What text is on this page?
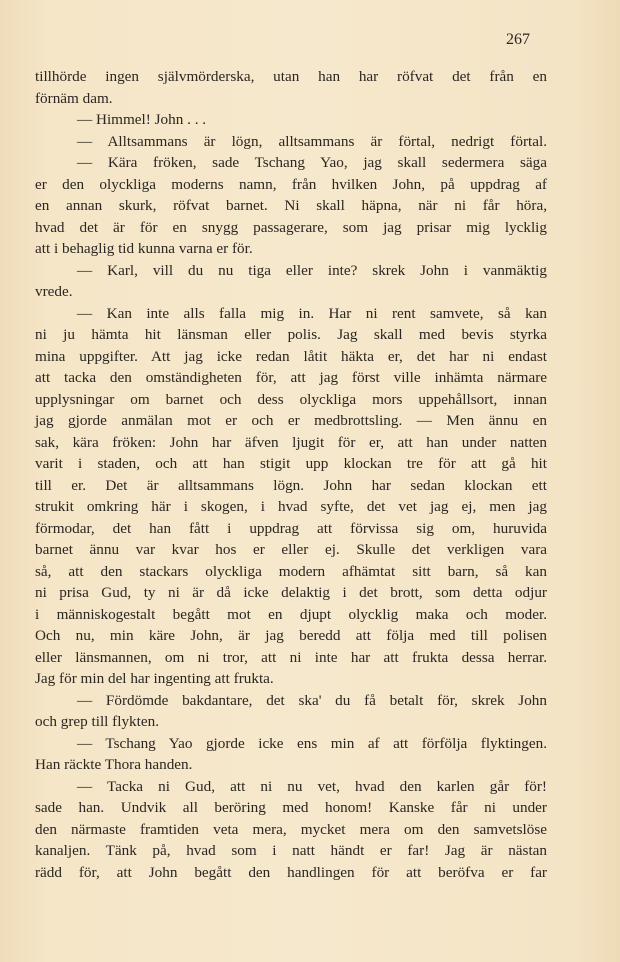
267
tillhörde ingen självmörderska, utan han har röfvat det från en
förnäm dam.
— Himmel! John . . .
— Alltsammans är lögn, alltsammans är förtal, nedrigt förtal.
— Kära fröken, sade Tschang Yao, jag skall sedermera säga
er den olyckliga moderns namn, från hvilken John, på uppdrag af
en annan skurk, röfvat barnet. Ni skall häpna, när ni får höra,
hvad det är för en snygg passagerare, som jag prisar mig lycklig
att i behaglig tid kunna varna er för.
— Karl, vill du nu tiga eller inte? skrek John i vanmäktig
vrede.
— Kan inte alls falla mig in. Har ni rent samvete, så kan
ni ju hämta hit länsman eller polis. Jag skall med bevis styrka
mina uppgifter. Att jag icke redan låtit häkta er, det har ni endast
att tacka den omständigheten för, att jag först ville inhämta närmare
upplysningar om barnet och dess olyckliga mors uppehållsort, innan
jag gjorde anmälan mot er och er medbrottsling. — Men ännu en
sak, kära fröken: John har äfven ljugit för er, att han under natten
varit i staden, och att han stigit upp klockan tre för att gå hit
till er. Det är alltsammans lögn. John har sedan klockan ett
strukit omkring här i skogen, i hvad syfte, det vet jag ej, men jag
förmodar, det han fått i uppdrag att förvissa sig om, huruvida
barnet ännu var kvar hos er eller ej. Skulle det verkligen vara
så, att den stackars olyckliga modern afhämtat sitt barn, så kan
ni prisa Gud, ty ni är då icke delaktig i det brott, som detta odjur
i människogestalt begått mot en djupt olycklig maka och moder.
Och nu, min käre John, är jag beredd att följa med till polisen
eller länsmannen, om ni tror, att ni inte har att frukta dessa herrar.
Jag för min del har ingenting att frukta.
— Fördömde bakdantare, det ska' du få betalt för, skrek John
och grep till flykten.
— Tschang Yao gjorde icke ens min af att förfölja flyktingen.
Han räckte Thora handen.
— Tacka ni Gud, att ni nu vet, hvad den karlen går för!
sade han. Undvik all beröring med honom! Kanske får ni under
den närmaste framtiden veta mera, mycket mera om den samvetslöse
kanaljen. Tänk på, hvad som i natt händt er far! Jag är nästan
rädd för, att John begått den handlingen för att beröfva er far
